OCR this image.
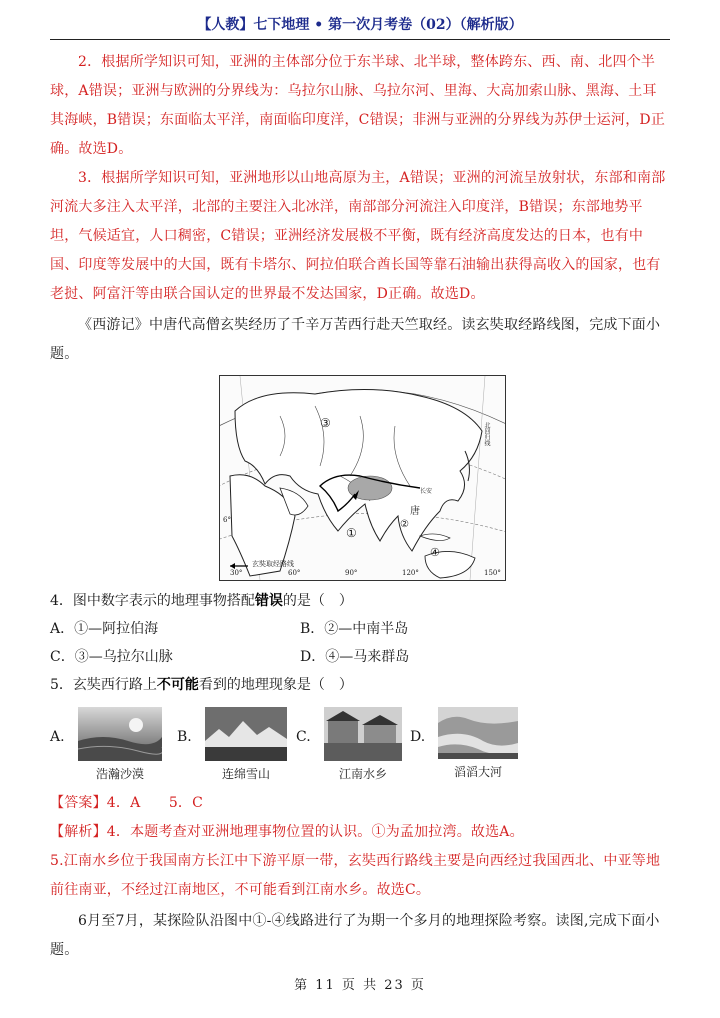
【人教】七下地理 • 第一次月考卷（02）（解析版）

2．根据所学知识可知，亚洲的主体部分位于东半球、北半球，整体跨东、西、南、北四个半球，A错误；亚洲与欧洲的分界线为：乌拉尔山脉、乌拉尔河、里海、大高加索山脉、黑海、土耳其海峡，B错误；东面临太平洋，南面临印度洋，C错误；非洲与亚洲的分界线为苏伊士运河，D正确。故选D。

3．根据所学知识可知，亚洲地形以山地高原为主，A错误；亚洲的河流呈放射状，东部和南部河流大多注入太平洋，北部的主要注入北冰洋，南部部分河流注入印度洋，B错误；东部地势平坦，气候适宜，人口稠密，C错误；亚洲经济发展极不平衡，既有经济高度发达的日本，也有中国、印度等发展中的大国，既有卡塔尔、阿拉伯联合酋长国等靠石油输出获得高收入的国家，也有老挝、阿富汗等由联合国认定的世界最不发达国家，D正确。故选D。

《西游记》中唐代高僧玄奘经历了千辛万苦西行赴天竺取经。读玄奘取经路线图，完成下面小题。

玄奘取经路线
30°	60°	90°	120°	150°
6°
唐
长安
北回归线
①
②
③
④

4．图中数字表示的地理事物搭配错误的是（　）

A．①—阿拉伯海	B．②—中南半岛
C．③—乌拉尔山脉	D．④—马来群岛

5．玄奘西行路上不可能看到的地理现象是（　）

A.
浩瀚沙漠
B.
连绵雪山
C.
江南水乡
D.
滔滔大河

【答案】4．A　　5．C

【解析】4．本题考查对亚洲地理事物位置的认识。①为孟加拉湾。故选A。

5.江南水乡位于我国南方长江中下游平原一带，玄奘西行路线主要是向西经过我国西北、中亚等地前往南亚，不经过江南地区，不可能看到江南水乡。故选C。

6月至7月，某探险队沿图中①-④线路进行了为期一个多月的地理探险考察。读图,完成下面小题。

第 11 页 共 23 页
